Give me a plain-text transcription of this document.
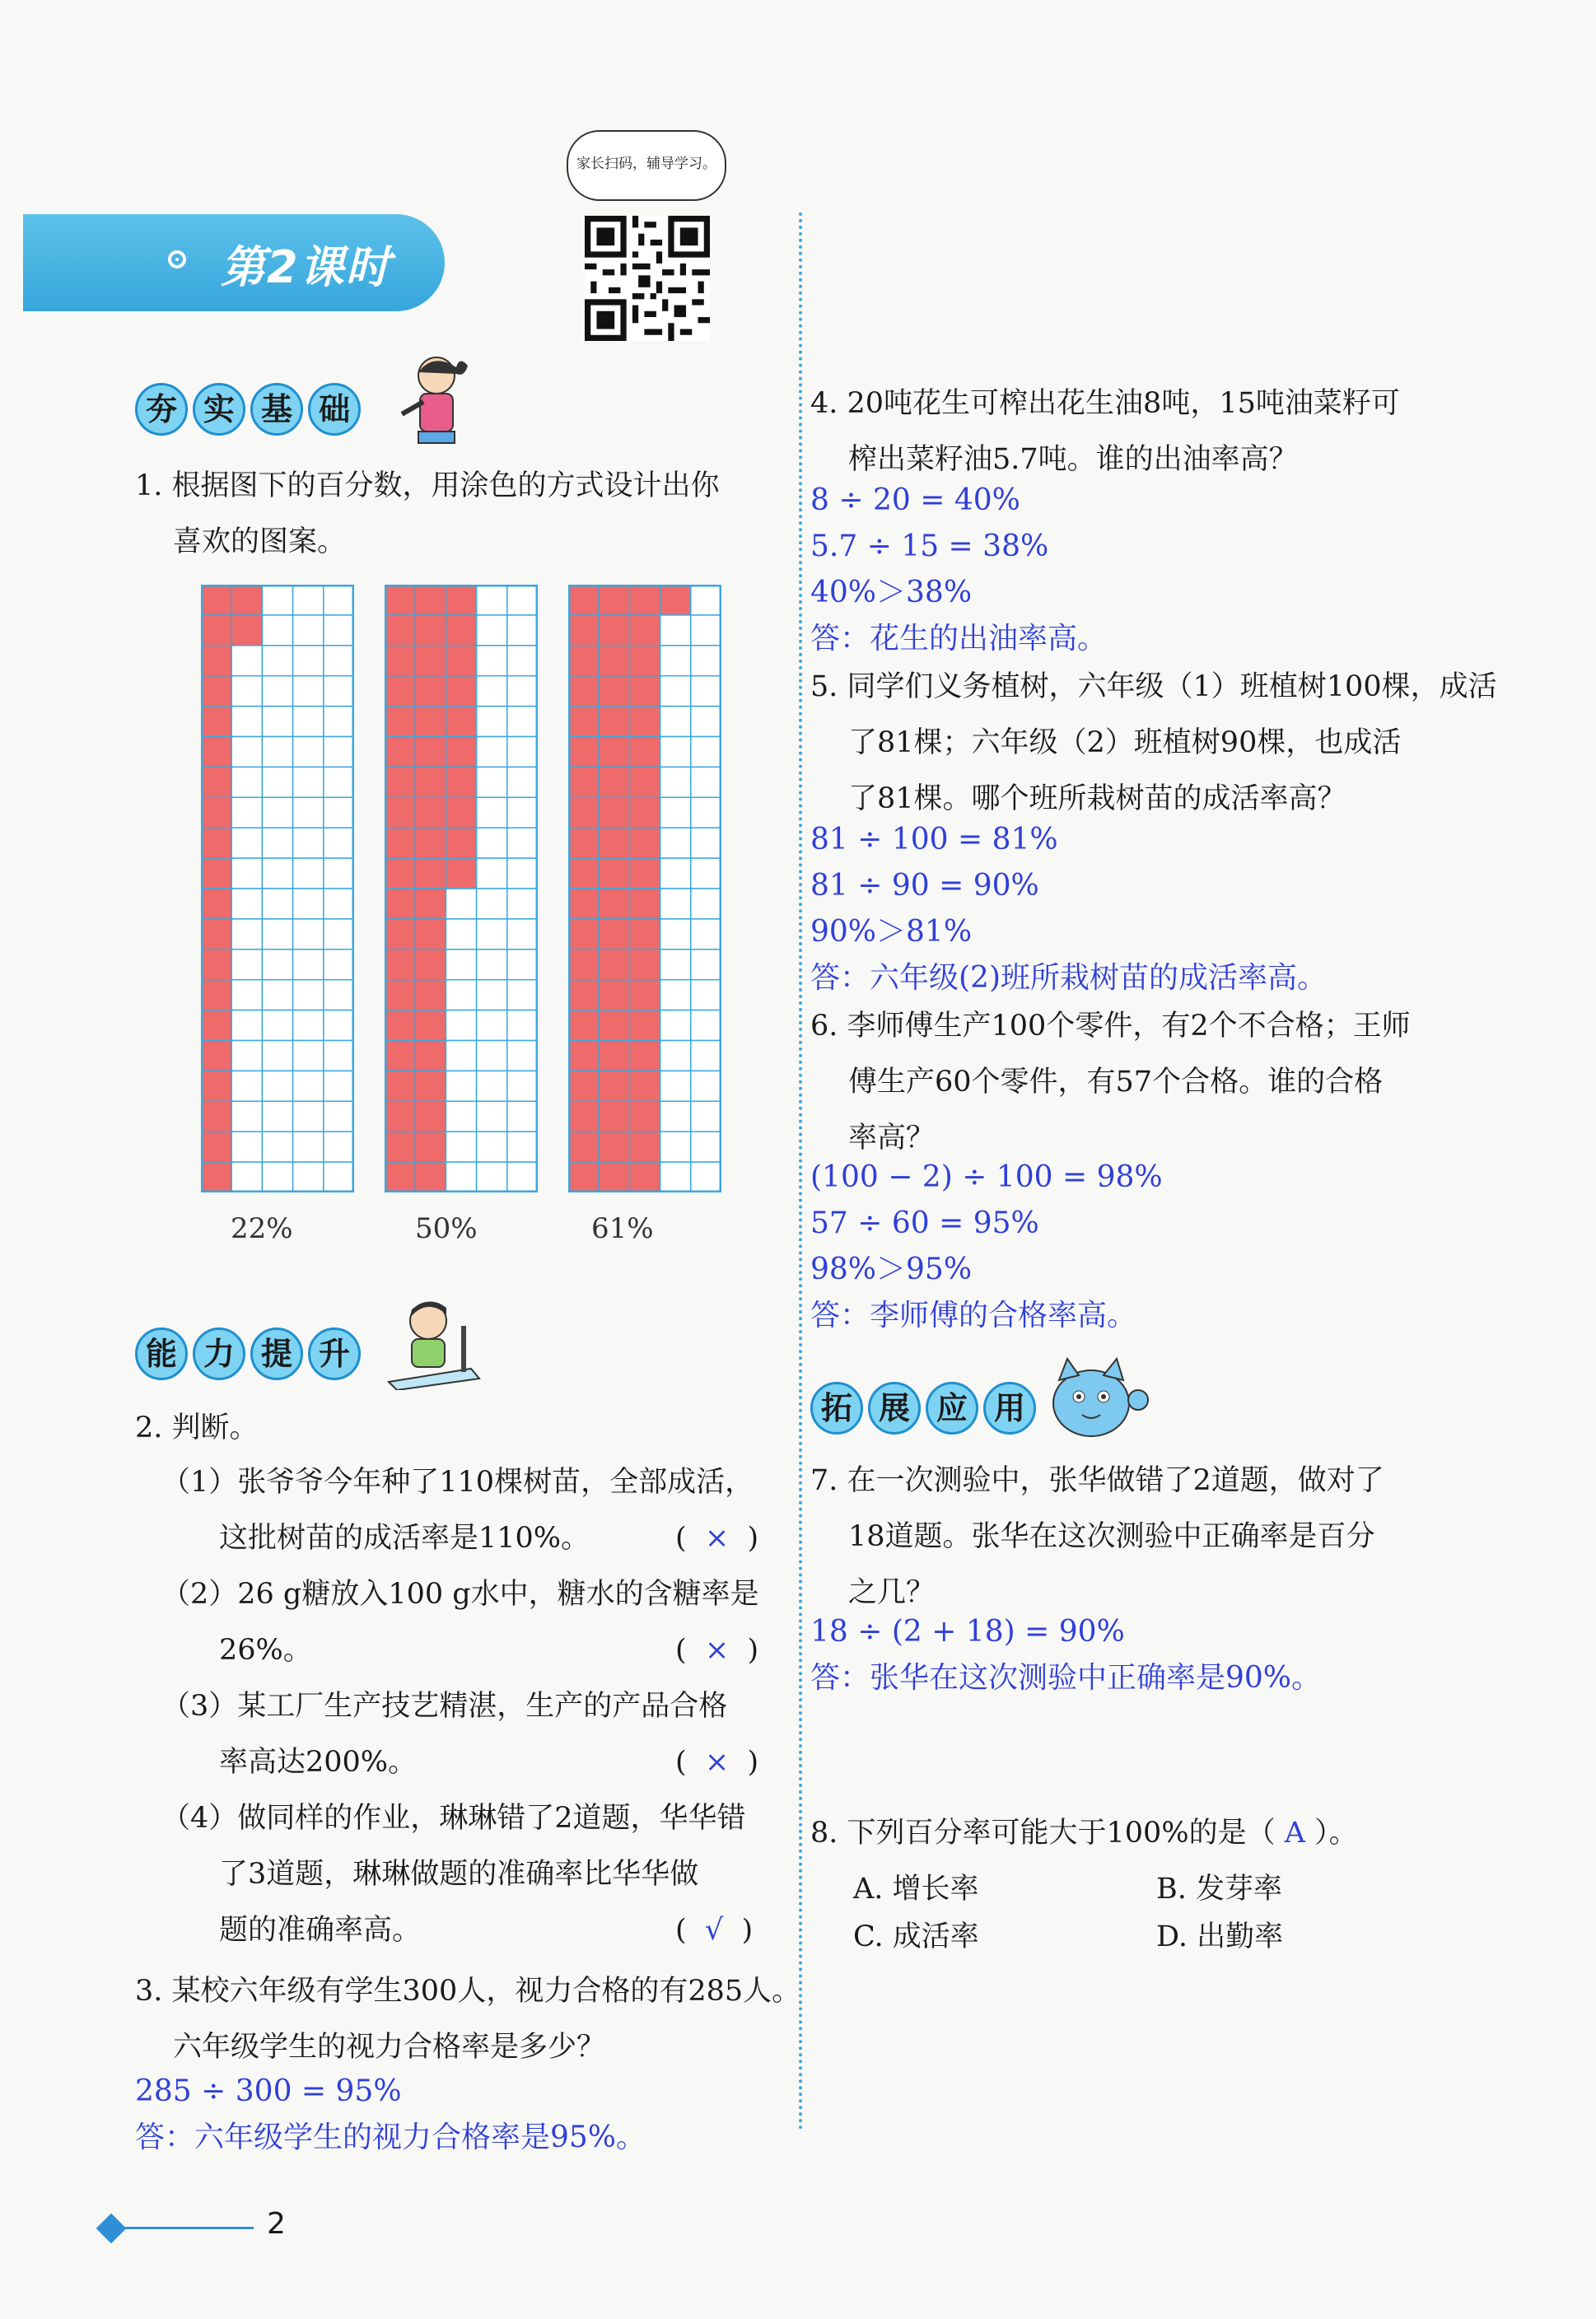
家长扫码，辅导学习。
第2课时
夯 实 基 础
1. 根据图下的百分数，用涂色的方式设计出你
喜欢的图案。
22%	50%	61%
能 力 提 升
2. 判断。
（1）张爷爷今年种了110棵树苗，全部成活，
这批树苗的成活率是110%。	(  ×  )
（2）26 g糖放入100 g水中，糖水的含糖率是
26%。	(  ×  )
（3）某工厂生产技艺精湛，生产的产品合格
率高达200%。	(  ×  )
（4）做同样的作业，琳琳错了2道题，华华错
了3道题，琳琳做题的准确率比华华做
题的准确率高。	(  √  )
3. 某校六年级有学生300人，视力合格的有285人。
六年级学生的视力合格率是多少？
285 ÷ 300 = 95%
答：六年级学生的视力合格率是95%。
4. 20吨花生可榨出花生油8吨，15吨油菜籽可
榨出菜籽油5.7吨。谁的出油率高？
8 ÷ 20 = 40%
5.7 ÷ 15 = 38%
40%＞38%
答：花生的出油率高。
5. 同学们义务植树，六年级（1）班植树100棵，成活
了81棵；六年级（2）班植树90棵，也成活
了81棵。哪个班所栽树苗的成活率高？
81 ÷ 100 = 81%
81 ÷ 90 = 90%
90%＞81%
答：六年级(2)班所栽树苗的成活率高。
6. 李师傅生产100个零件，有2个不合格；王师
傅生产60个零件，有57个合格。谁的合格
率高？
(100 − 2) ÷ 100 = 98%
57 ÷ 60 = 95%
98%＞95%
答：李师傅的合格率高。
拓 展 应 用
7. 在一次测验中，张华做错了2道题，做对了
18道题。张华在这次测验中正确率是百分
之几？
18 ÷ (2 + 18) = 90%
答：张华在这次测验中正确率是90%。
8. 下列百分率可能大于100%的是（ A ）。
A. 增长率	B. 发芽率
C. 成活率	D. 出勤率
2
